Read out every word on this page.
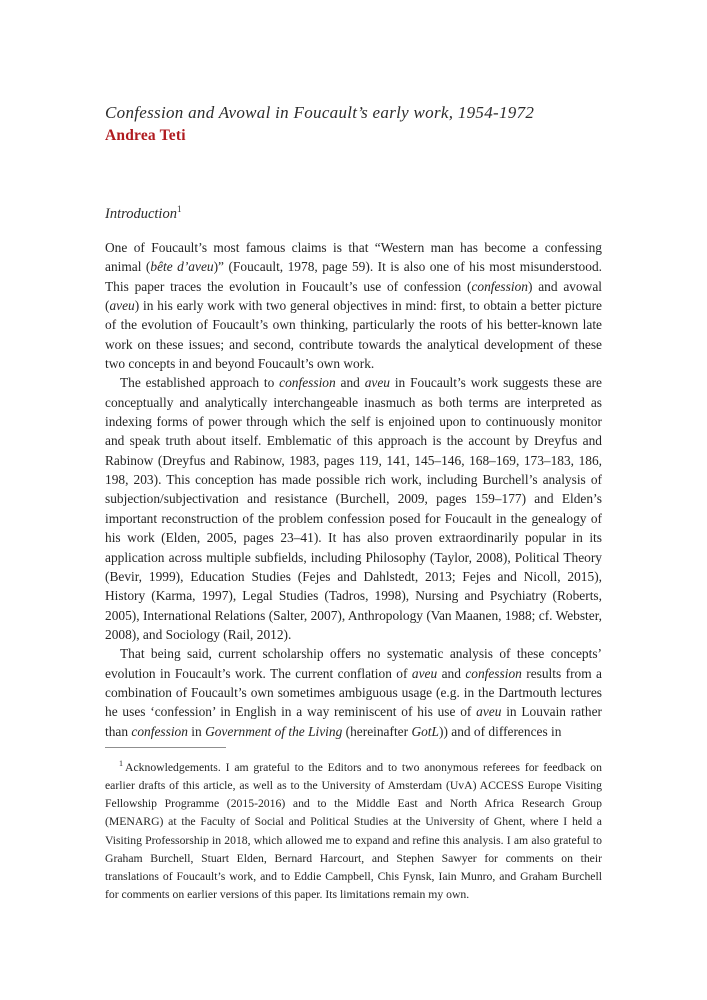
Confession and Avowal in Foucault’s early work, 1954-1972
Andrea Teti
Introduction$^1$

One of Foucault’s most famous claims is that “Western man has become a confessing animal (bête d’aveu)” (Foucault, 1978, page 59). It is also one of his most misunderstood. This paper traces the evolution in Foucault’s use of confession (confession) and avowal (aveu) in his early work with two general objectives in mind: first, to obtain a better picture of the evolution of Foucault’s own thinking, particularly the roots of his better-known late work on these issues; and second, contribute towards the analytical development of these two concepts in and beyond Foucault’s own work.

The established approach to confession and aveu in Foucault’s work suggests these are conceptually and analytically interchangeable inasmuch as both terms are interpreted as indexing forms of power through which the self is enjoined upon to continuously monitor and speak truth about itself. Emblematic of this approach is the account by Dreyfus and Rabinow (Dreyfus and Rabinow, 1983, pages 119, 141, 145–146, 168–169, 173–183, 186, 198, 203). This conception has made possible rich work, including Burchell’s analysis of subjection/subjectivation and resistance (Burchell, 2009, pages 159–177) and Elden’s important reconstruction of the problem confession posed for Foucault in the genealogy of his work (Elden, 2005, pages 23–41). It has also proven extraordinarily popular in its application across multiple subfields, including Philosophy (Taylor, 2008), Political Theory (Bevir, 1999), Education Studies (Fejes and Dahlstedt, 2013; Fejes and Nicoll, 2015), History (Karma, 1997), Legal Studies (Tadros, 1998), Nursing and Psychiatry (Roberts, 2005), International Relations (Salter, 2007), Anthropology (Van Maanen, 1988; cf. Webster, 2008), and Sociology (Rail, 2012).

That being said, current scholarship offers no systematic analysis of these concepts’ evolution in Foucault’s work. The current conflation of aveu and confession results from a combination of Foucault’s own sometimes ambiguous usage (e.g. in the Dartmouth lectures he uses ‘confession’ in English in a way reminiscent of his use of aveu in Louvain rather than confession in Government of the Living (hereinafter GotL)) and of differences in

$^1$ Acknowledgements. I am grateful to the Editors and to two anonymous referees for feedback on earlier drafts of this article, as well as to the University of Amsterdam (UvA) ACCESS Europe Visiting Fellowship Programme (2015-2016) and to the Middle East and North Africa Research Group (MENARG) at the Faculty of Social and Political Studies at the University of Ghent, where I held a Visiting Professorship in 2018, which allowed me to expand and refine this analysis. I am also grateful to Graham Burchell, Stuart Elden, Bernard Harcourt, and Stephen Sawyer for comments on their translations of Foucault’s work, and to Eddie Campbell, Chis Fynsk, Iain Munro, and Graham Burchell for comments on earlier versions of this paper. Its limitations remain my own.
